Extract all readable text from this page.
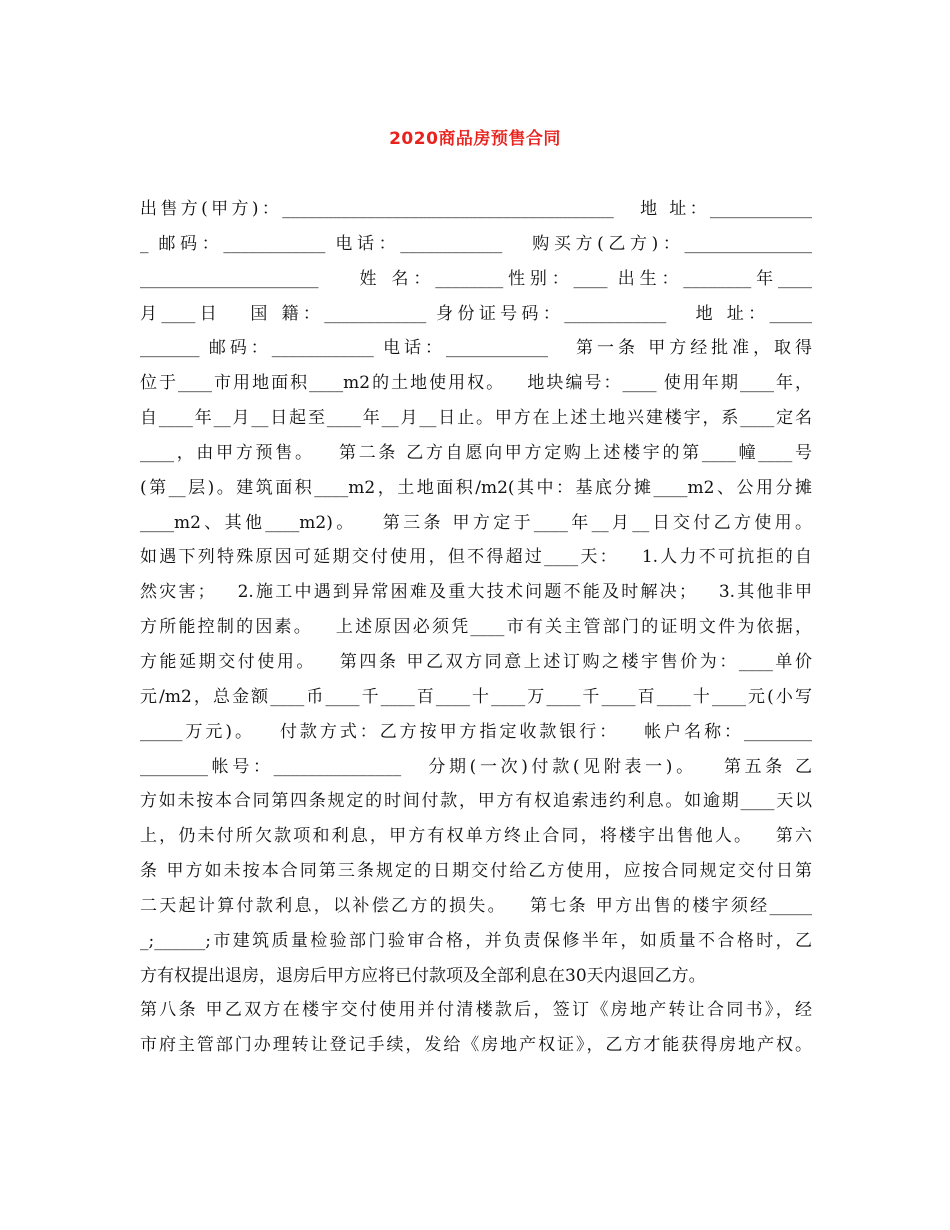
2020商品房预售合同
出售方(甲方)：_______________________________________   地 址：____________
_ 邮码：____________ 电话：____________   购买方(乙方)：_______________
_____________________    姓 名：________性别：____ 出生：________年____
月____日   国 籍：____________ 身份证号码：____________   地 址：_____
_______ 邮码：____________ 电话：____________   第一条 甲方经批准，取得
位于____市用地面积____m2的土地使用权。   地块编号：____ 使用年期____年，
自____年__月__日起至____年__月__日止。甲方在上述土地兴建楼宇，系____定名
____，由甲方预售。   第二条 乙方自愿向甲方定购上述楼宇的第____幢____号
(第__层)。建筑面积____m2，土地面积/m2(其中：基底分摊____m2、公用分摊
____m2、其他____m2)。   第三条 甲方定于____年__月__日交付乙方使用。
如遇下列特殊原因可延期交付使用，但不得超过____天：   1.人力不可抗拒的自
然灾害；   2.施工中遇到异常困难及重大技术问题不能及时解决；   3.其他非甲
方所能控制的因素。   上述原因必须凭____市有关主管部门的证明文件为依据，
方能延期交付使用。   第四条 甲乙双方同意上述订购之楼宇售价为：____单价
元/m2，总金额____币____千____百____十____万____千____百____十____元(小写
_____万元)。   付款方式：乙方按甲方指定收款银行：   帐户名称：________
________帐号：_______________   分期(一次)付款(见附表一)。   第五条 乙
方如未按本合同第四条规定的时间付款，甲方有权追索违约利息。如逾期____天以
上，仍未付所欠款项和利息，甲方有权单方终止合同，将楼宇出售他人。   第六
条 甲方如未按本合同第三条规定的日期交付给乙方使用，应按合同规定交付日第
二天起计算付款利息，以补偿乙方的损失。   第七条 甲方出售的楼宇须经_____
_;______;市建筑质量检验部门验审合格，并负责保修半年，如质量不合格时，乙
方有权提出退房，退房后甲方应将已付款项及全部利息在30天内退回乙方。
第八条 甲乙双方在楼宇交付使用并付清楼款后，签订《房地产转让合同书》，经
市府主管部门办理转让登记手续，发给《房地产权证》，乙方才能获得房地产权。
